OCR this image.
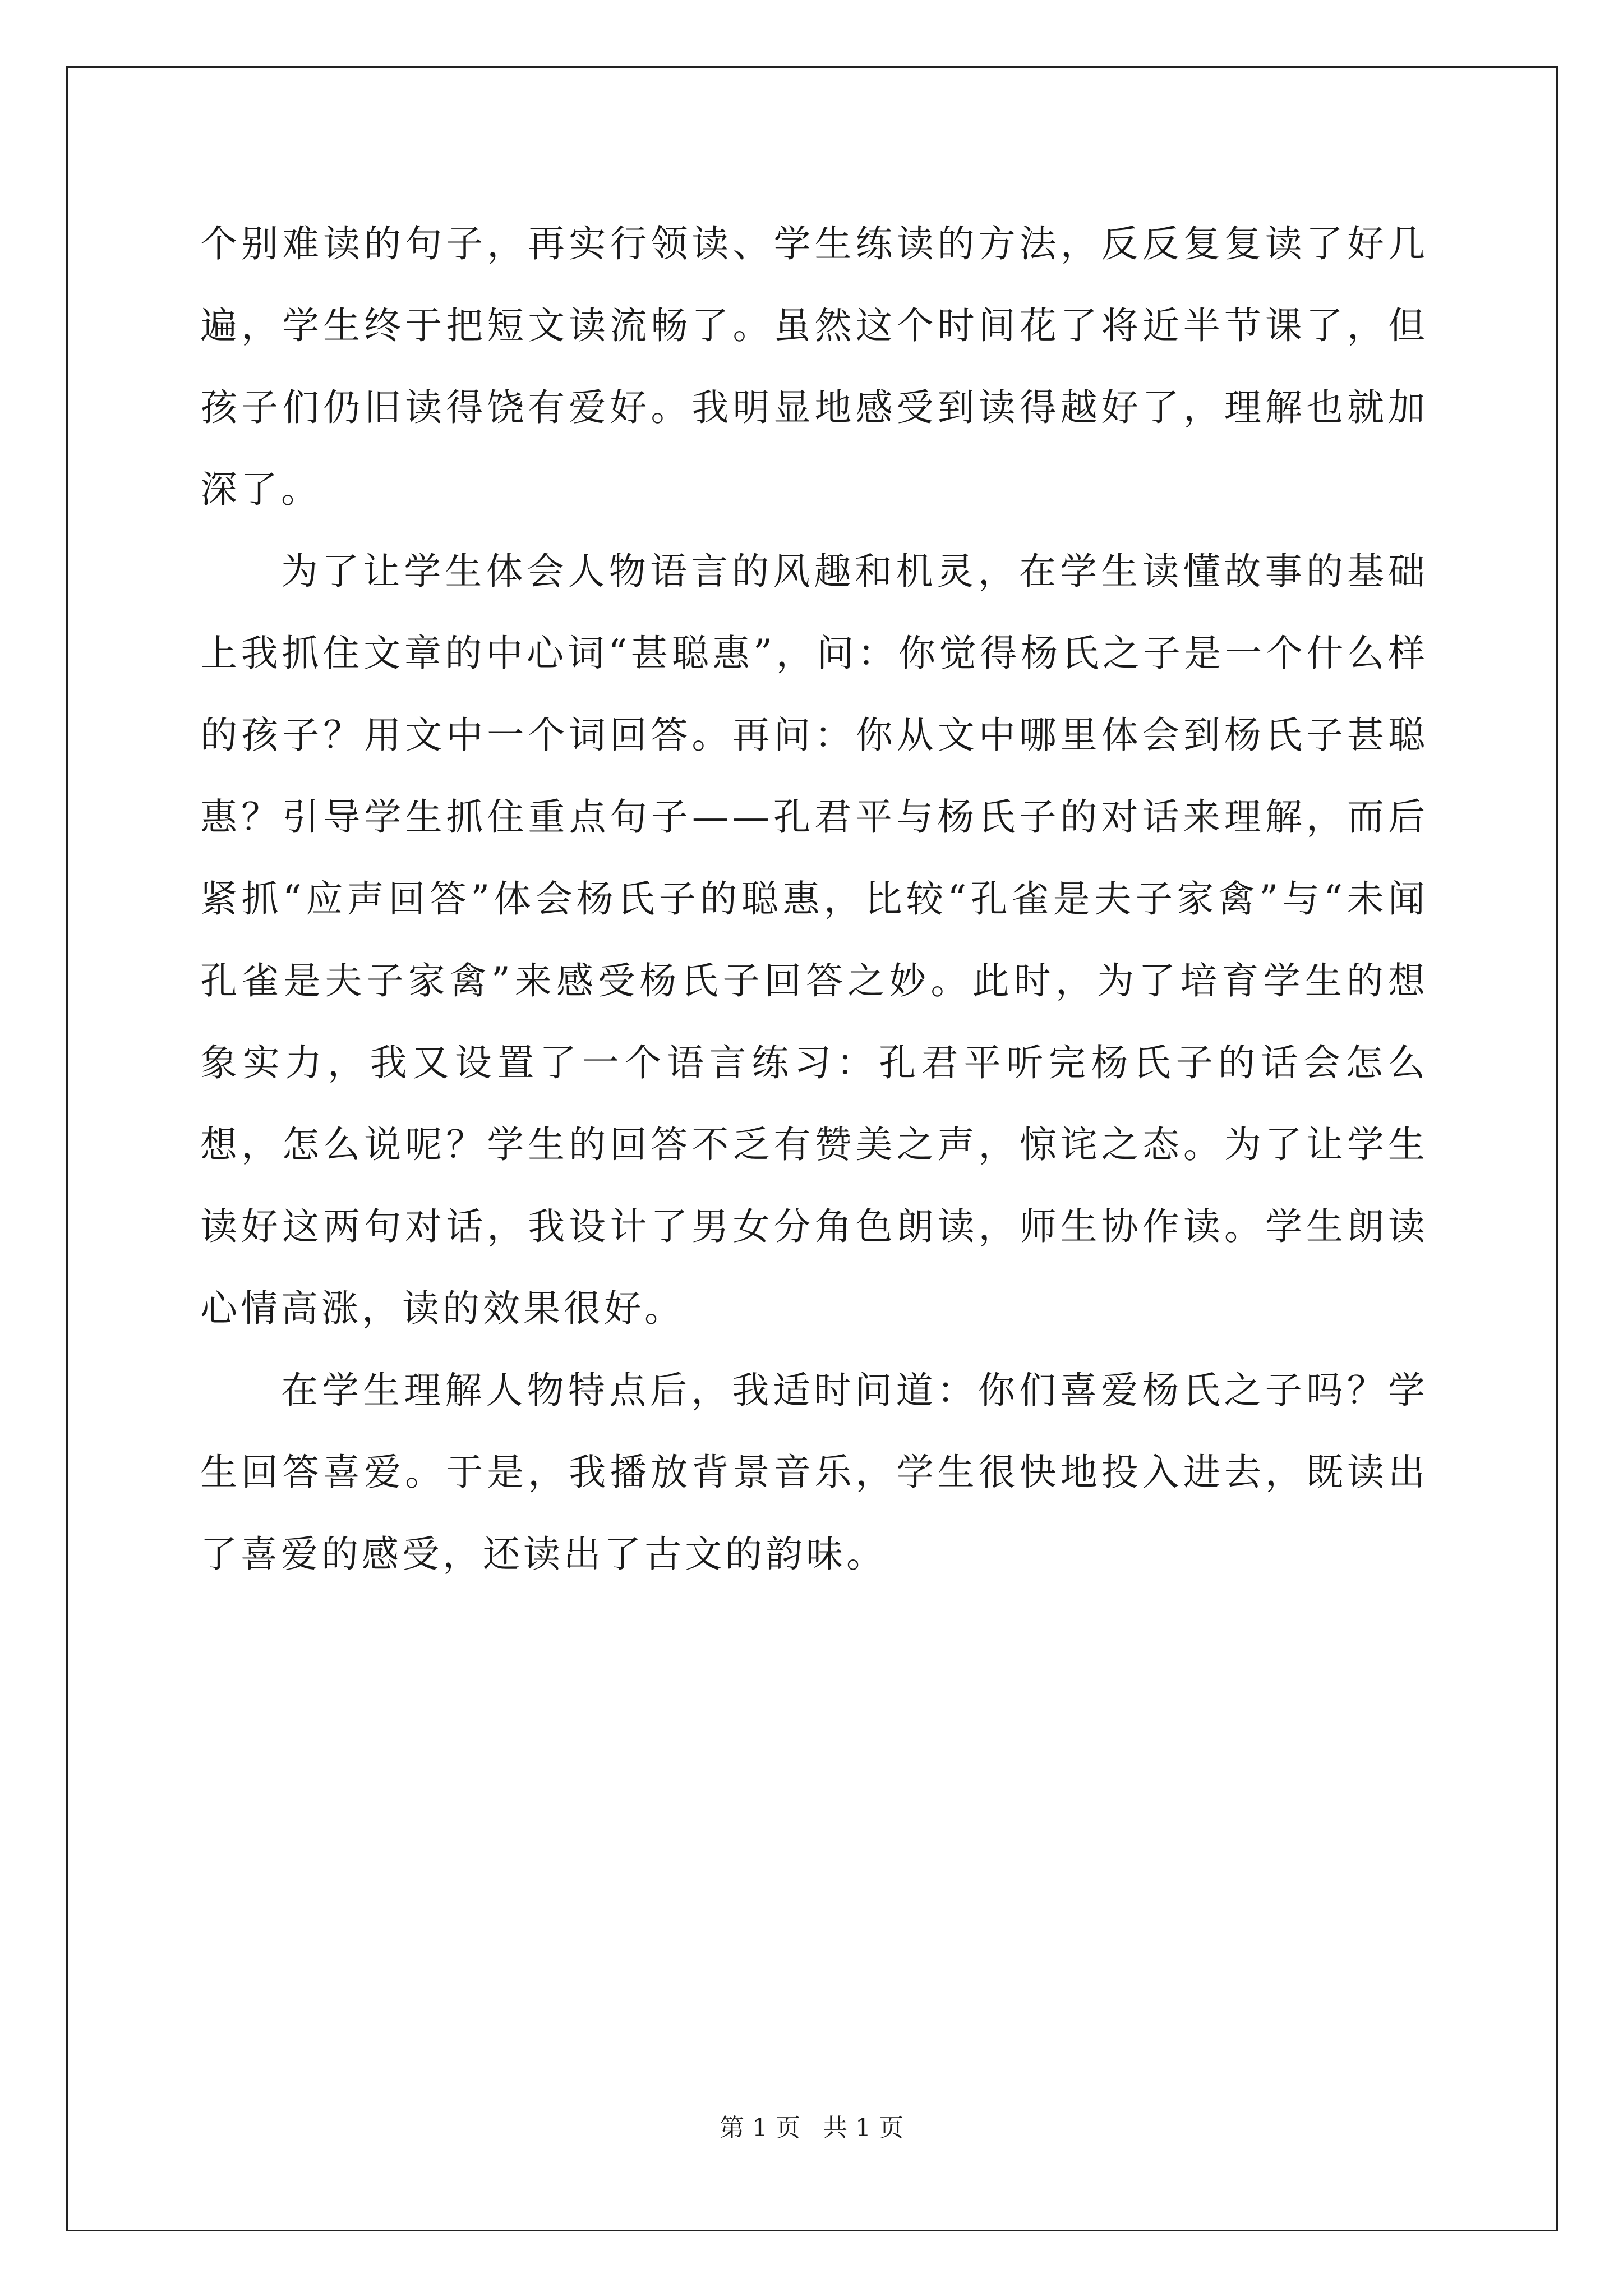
个别难读的句子，再实行领读、学生练读的方法，反反复复读了好几遍，学生终于把短文读流畅了。虽然这个时间花了将近半节课了，但孩子们仍旧读得饶有爱好。我明显地感受到读得越好了，理解也就加深了。

为了让学生体会人物语言的风趣和机灵，在学生读懂故事的基础上我抓住文章的中心词“甚聪惠”，问：你觉得杨氏之子是一个什么样的孩子？用文中一个词回答。再问：你从文中哪里体会到杨氏子甚聪惠？引导学生抓住重点句子——孔君平与杨氏子的对话来理解，而后紧抓“应声回答”体会杨氏子的聪惠，比较“孔雀是夫子家禽”与“未闻孔雀是夫子家禽”来感受杨氏子回答之妙。此时，为了培育学生的想象实力，我又设置了一个语言练习：孔君平听完杨氏子的话会怎么想，怎么说呢？学生的回答不乏有赞美之声，惊诧之态。为了让学生读好这两句对话，我设计了男女分角色朗读，师生协作读。学生朗读心情高涨，读的效果很好。

在学生理解人物特点后，我适时问道：你们喜爱杨氏之子吗？学生回答喜爱。于是，我播放背景音乐，学生很快地投入进去，既读出了喜爱的感受，还读出了古文的韵味。

第 1 页 共 1 页
